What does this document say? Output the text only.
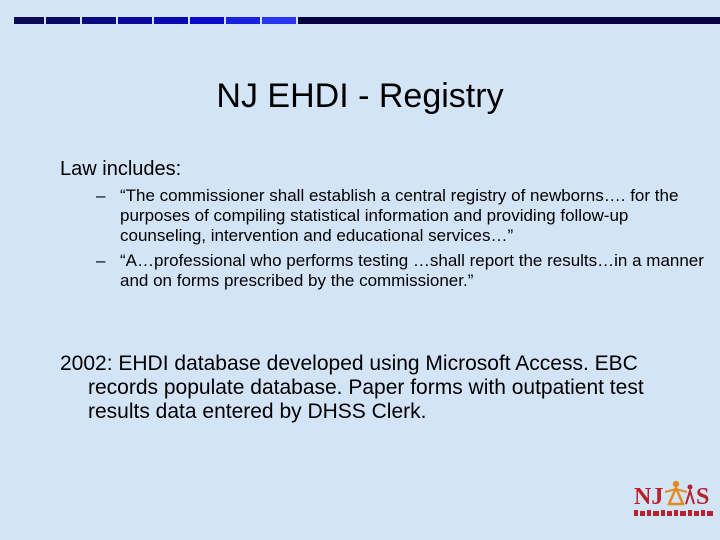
NJ EHDI - Registry
Law includes:
– “The commissioner shall establish a central registry of newborns…. for the purposes of compiling statistical information and providing follow-up counseling, intervention and educational services…”
– “A…professional who performs testing …shall report the results…in a manner and on forms prescribed by the commissioner.”
2002: EHDI database developed using Microsoft Access. EBC records populate database. Paper forms with outpatient test results data entered by DHSS Clerk.
NJ S
